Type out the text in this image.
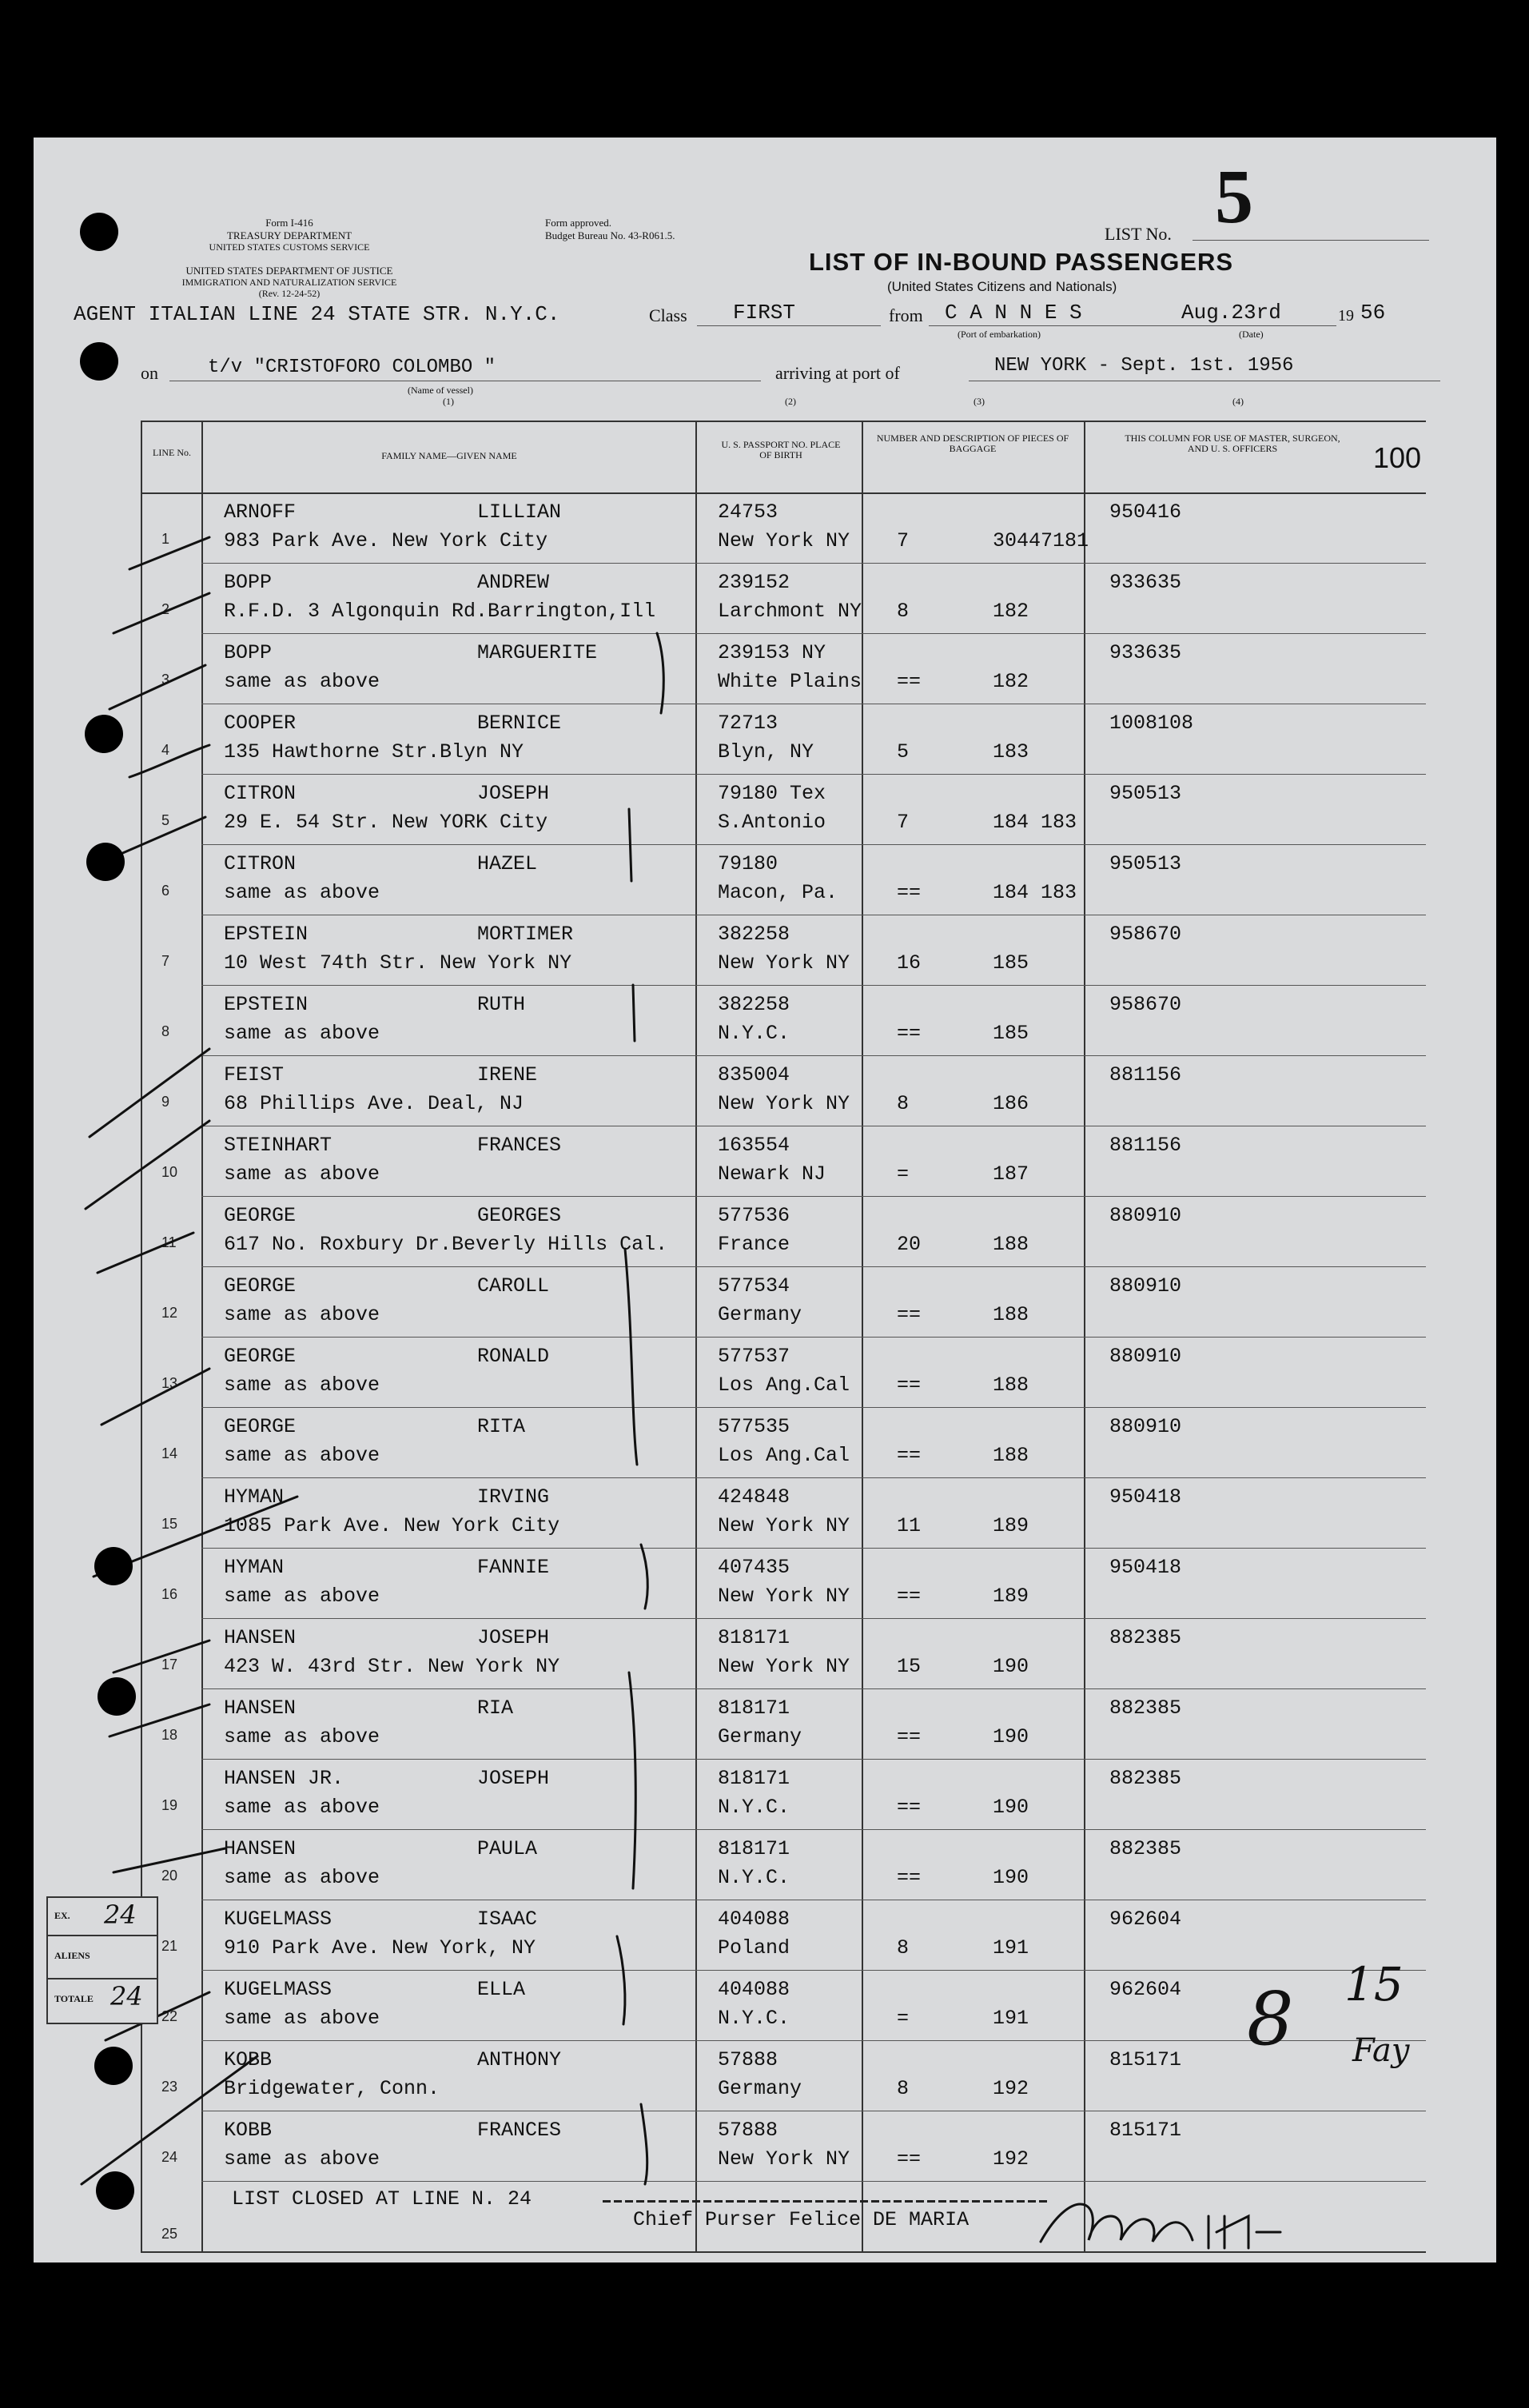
Form I-416
TREASURY DEPARTMENT
UNITED STATES CUSTOMS SERVICE
UNITED STATES DEPARTMENT OF JUSTICE
IMMIGRATION AND NATURALIZATION SERVICE
(Rev. 12-24-52)
Form approved.
Budget Bureau No. 43-R061.5.	LIST No. 5
LIST OF IN-BOUND PASSENGERS
(United States Citizens and Nationals)
AGENT ITALIAN LINE 24 STATE STR. N.Y.C.	Class FIRST	from C A N N E S
(Port of embarkation)
Aug.23rd
(Date)
19 56
on	t/v "CRISTOFORO COLOMBO "
(Name of vessel)
(1)
arriving at port of	NEW YORK - Sept. 1st. 1956
(2)	(3)	(4)
100
LINE No.	FAMILY NAME—GIVEN NAME
U. S. PASSPORT NO. PLACE OF BIRTH
NUMBER AND DESCRIPTION OF PIECES OF BAGGAGE
THIS COLUMN FOR USE OF MASTER, SURGEON, AND U. S. OFFICERS
1
ARNOFF	LILLIAN
983 Park Ave. New York City
24753
New York NY 7	30447181
950416
2
BOPP	ANDREW
R.F.D. 3 Algonquin Rd.Barrington,Ill
239152
Larchmont NY 8	182
933635
3
BOPP	MARGUERITE
same as above
239153 NY
White Plains ==	182
933635
4
COOPER	BERNICE
135 Hawthorne Str.Blyn NY
72713
Blyn, NY	5	183
1008108
5
CITRON	JOSEPH
29 E. 54 Str. New YORK City
79180 Tex
S.Antonio	7	184 183
950513
6
CITRON	HAZEL
same as above
79180
Macon, Pa.	==	184 183
950513
7
EPSTEIN	MORTIMER
10 West 74th Str. New York NY
382258
New York NY 16	185
958670
8
EPSTEIN	RUTH
same as above
382258
N.Y.C.	==	185
958670
9
FEIST	IRENE
68 Phillips Ave. Deal, NJ
835004
New York NY 8	186
881156
10
STEINHART	FRANCES
same as above
163554
Newark NJ	=	187
881156
11
GEORGE	GEORGES
617 No. Roxbury Dr.Beverly Hills Cal.
577536
France	20	188
880910
12
GEORGE	CAROLL
same as above
577534
Germany	==	188
880910
13
GEORGE	RONALD
same as above
577537
Los Ang.Cal ==	188
880910
14
GEORGE	RITA
same as above
577535
Los Ang.Cal ==	188
880910
15
HYMAN	IRVING
1085 Park Ave. New York City
424848
New York NY 11	189
950418
16
HYMAN	FANNIE
same as above
407435
New York NY ==	189
950418
17
HANSEN	JOSEPH
423 W. 43rd Str. New York NY
818171
New York NY 15	190
882385
18
HANSEN	RIA
same as above
818171
Germany	==	190
882385
19
HANSEN JR.	JOSEPH
same as above
818171
N.Y.C.	==	190
882385
20
HANSEN	PAULA
same as above
818171
N.Y.C.	==	190
882385
21
KUGELMASS	ISAAC
910 Park Ave. New York, NY
404088
Poland	8	191
962604
22
KUGELMASS	ELLA
same as above
404088
N.Y.C.	=	191
962604
23
KOBB	ANTHONY
Bridgewater, Conn.
57888
Germany	8	192
815171
24
KOBB	FRANCES
same as above
57888
New York NY ==	192
815171
25
LIST CLOSED AT LINE N. 24
Chief Purser Felice DE MARIA
8 15
Fay
EX. 24
ALIENS
TOTALE 24
